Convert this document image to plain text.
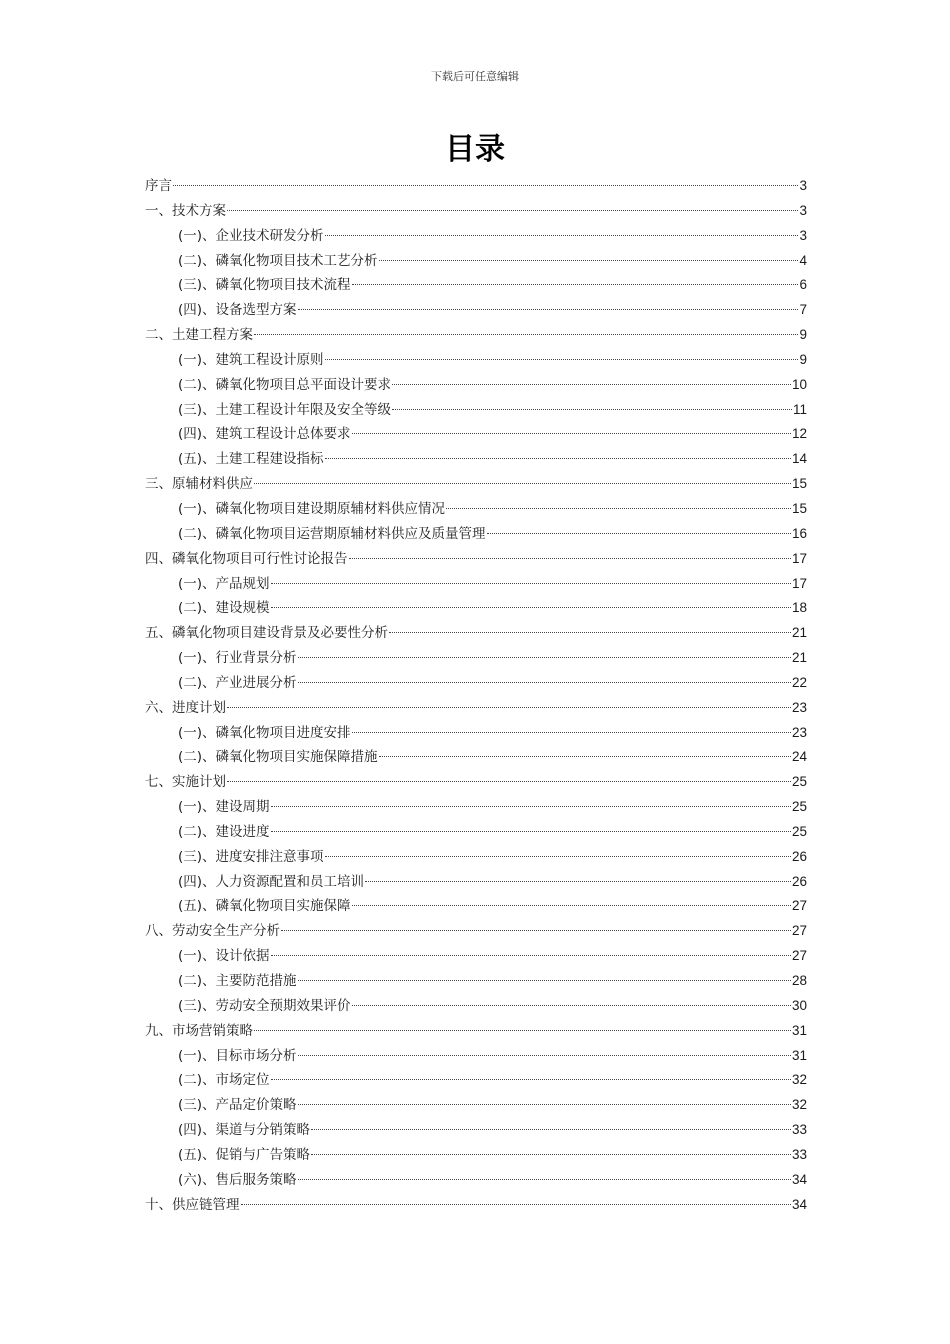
下载后可任意编辑
目录
序言	3
一、技术方案	3
(一)、企业技术研发分析	3
(二)、磷氧化物项目技术工艺分析	4
(三)、磷氧化物项目技术流程	6
(四)、设备选型方案	7
二、土建工程方案	9
(一)、建筑工程设计原则	9
(二)、磷氧化物项目总平面设计要求	10
(三)、土建工程设计年限及安全等级	11
(四)、建筑工程设计总体要求	12
(五)、土建工程建设指标	14
三、原辅材料供应	15
(一)、磷氧化物项目建设期原辅材料供应情况	15
(二)、磷氧化物项目运营期原辅材料供应及质量管理	16
四、磷氧化物项目可行性讨论报告	17
(一)、产品规划	17
(二)、建设规模	18
五、磷氧化物项目建设背景及必要性分析	21
(一)、行业背景分析	21
(二)、产业进展分析	22
六、进度计划	23
(一)、磷氧化物项目进度安排	23
(二)、磷氧化物项目实施保障措施	24
七、实施计划	25
(一)、建设周期	25
(二)、建设进度	25
(三)、进度安排注意事项	26
(四)、人力资源配置和员工培训	26
(五)、磷氧化物项目实施保障	27
八、劳动安全生产分析	27
(一)、设计依据	27
(二)、主要防范措施	28
(三)、劳动安全预期效果评价	30
九、市场营销策略	31
(一)、目标市场分析	31
(二)、市场定位	32
(三)、产品定价策略	32
(四)、渠道与分销策略	33
(五)、促销与广告策略	33
(六)、售后服务策略	34
十、供应链管理	34
